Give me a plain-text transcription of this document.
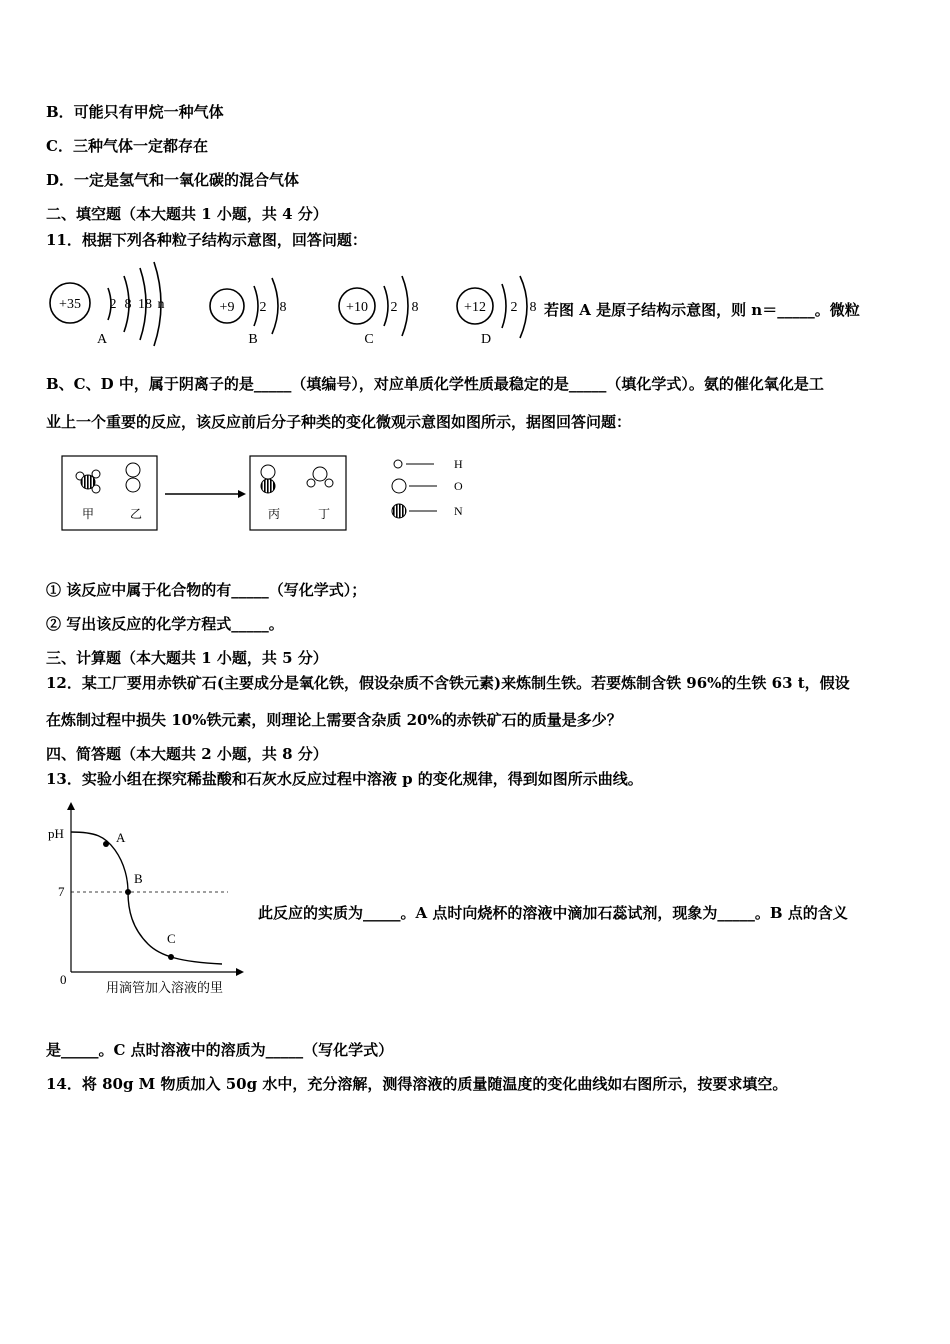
B．可能只有甲烷一种气体
C．三种气体一定都存在
D．一定是氢气和一氧化碳的混合气体
二、填空题（本大题共 1 小题，共 4 分）
11．根据下列各种粒子结构示意图，回答问题：
+35 2 8 18 n
A
+9 2 8
B
+10 2 8
C
+12 2 8
D
若图 A 是原子结构示意图，则 n＝_____。微粒
B、C、D 中，属于阴离子的是_____（填编号），对应单质化学性质最稳定的是_____（填化学式）。氨的催化氧化是工
业上一个重要的反应，该反应前后分子种类的变化微观示意图如图所示，据图回答问题：
甲	乙	丙	丁
H
O
N
① 该反应中属于化合物的有_____（写化学式）；
② 写出该反应的化学方程式_____。
三、计算题（本大题共 1 小题，共 5 分）
12．某工厂要用赤铁矿石(主要成分是氧化铁，假设杂质不含铁元素)来炼制生铁。若要炼制含铁 96%的生铁 63 t，假设
在炼制过程中损失 10%铁元素，则理论上需要含杂质 20%的赤铁矿石的质量是多少？
四、简答题（本大题共 2 小题，共 8 分）
13．实验小组在探究稀盐酸和石灰水反应过程中溶液 p 的变化规律，得到如图所示曲线。
pH
7
0
A
B
C
用滴管加入溶液的里
此反应的实质为_____。A 点时向烧杯的溶液中滴加石蕊试剂，现象为_____。B 点的含义
是_____。C 点时溶液中的溶质为_____（写化学式）
14．将 80g M 物质加入 50g 水中，充分溶解，测得溶液的质量随温度的变化曲线如右图所示，按要求填空。
